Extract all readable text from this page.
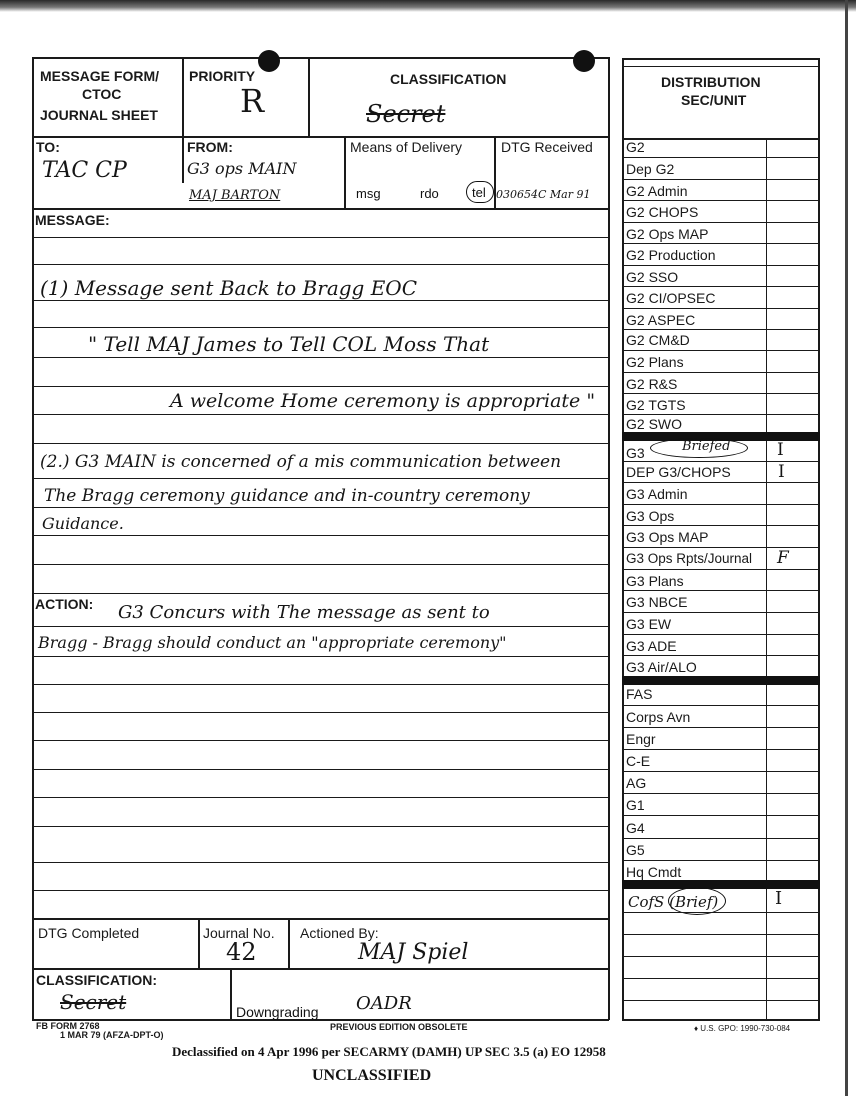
MESSAGE FORM/
CTOC
JOURNAL SHEET
PRIORITY
R
CLASSIFICATION
Secret
TO:
TAC CP
FROM:
G3 ops MAIN
MAJ BARTON
Means of Delivery
msg	rdo	tel
DTG Received
030654C Mar 91
MESSAGE:
(1) Message sent Back to Bragg EOC
" Tell MAJ James to Tell COL Moss That
A welcome Home ceremony is appropriate "
(2.) G3 MAIN is concerned of a mis communication between
The Bragg ceremony guidance and in-country ceremony
Guidance.
ACTION: G3 Concurs with The message as sent to
Bragg - Bragg should conduct an "appropriate ceremony"
DTG Completed	Journal No.
42
Actioned By:
MAJ Spiel
CLASSIFICATION:
Secret	Downgrading OADR
DISTRIBUTION
SEC/UNIT
G2
Dep G2
G2 Admin
G2 CHOPS
G2 Ops MAP
G2 Production
G2 SSO
G2 CI/OPSEC
G2 ASPEC
G2 CM&D
G2 Plans
G2 R&S
G2 TGTS
G2 SWO
G3	Briefed	I
DEP G3/CHOPS	I
G3 Admin
G3 Ops
G3 Ops MAP
G3 Ops Rpts/Journal	F
G3 Plans
G3 NBCE
G3 EW
G3 ADE
G3 Air/ALO
FAS
Corps Avn
Engr
C-E
AG
G1
G4
G5
Hq Cmdt
CofS (Brief)	I
FB FORM 2768
1 MAR 79 (AFZA-DPT-O)
PREVIOUS EDITION OBSOLETE	♦ U.S. GPO: 1990-730-084
Declassified on 4 Apr 1996 per SECARMY (DAMH) UP SEC 3.5 (a) EO 12958
UNCLASSIFIED
